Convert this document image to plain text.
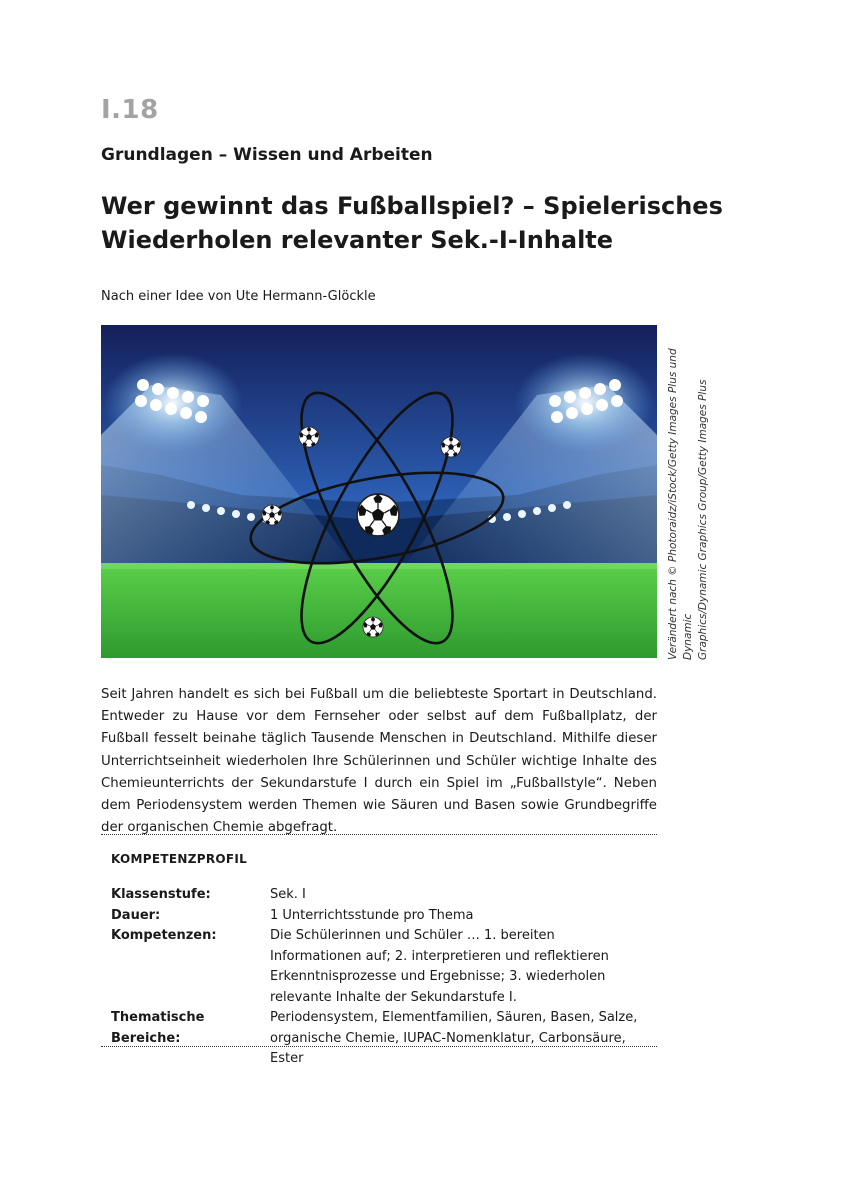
I.18
Grundlagen – Wissen und Arbeiten
Wer gewinnt das Fußballspiel? – Spielerisches
Wiederholen relevanter Sek.-I-Inhalte
Nach einer Idee von Ute Hermann-Glöckle
Verändert nach © Photoraidz/iStock/Getty Images Plus und Dynamic Graphics/Dynamic Graphics Group/Getty Images Plus

Seit Jahren handelt es sich bei Fußball um die beliebteste Sportart in Deutschland. Entweder zu Hause vor dem Fernseher oder selbst auf dem Fußballplatz, der Fußball fesselt beinahe täglich Tausende Menschen in Deutschland. Mithilfe dieser Unterrichtseinheit wiederholen Ihre Schülerinnen und Schüler wichtige Inhalte des Chemieunterrichts der Sekundarstufe I durch ein Spiel im „Fußballstyle“. Neben dem Periodensystem werden Themen wie Säuren und Basen sowie Grundbegriffe der organischen Chemie abgefragt.

KOMPETENZPROFIL
Klassenstufe:	Sek. I
Dauer:	1 Unterrichtsstunde pro Thema
Kompetenzen:	Die Schülerinnen und Schüler … 1. bereiten Informationen auf; 2. interpretieren und reflektieren Erkenntnisprozesse und Ergebnisse; 3. wiederholen relevante Inhalte der Sekundarstufe I.
Thematische Bereiche:
Periodensystem, Elementfamilien, Säuren, Basen, Salze, organische Chemie, IUPAC-Nomenklatur, Carbonsäure, Ester
